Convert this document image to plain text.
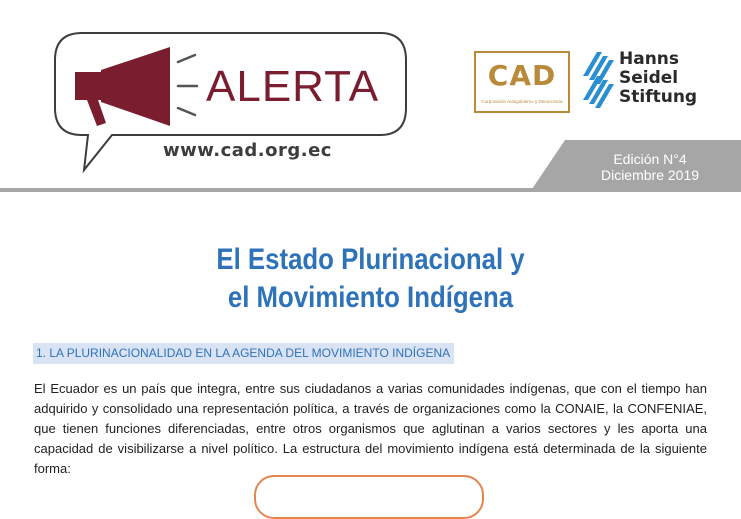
ALERTA
www.cad.org.ec
CAD
Corporación Autogobierno y Democracia
Hanns
Seidel
Stiftung
Edición N°4
Diciembre 2019
El Estado Plurinacional y
el Movimiento Indígena
1. LA PLURINACIONALIDAD EN LA AGENDA DEL MOVIMIENTO INDÍGENA
El Ecuador es un país que integra, entre sus ciudadanos a varias comunidades indígenas, que con el tiempo han adquirido y consolidado una representación política, a través de organizaciones como la CONAIE, la CONFENIAE, que tienen funciones diferenciadas, entre otros organismos que aglutinan a varios sectores y les aporta una capacidad de visibilizarse a nivel político. La estructura del movimiento indígena está determinada de la siguiente forma:
